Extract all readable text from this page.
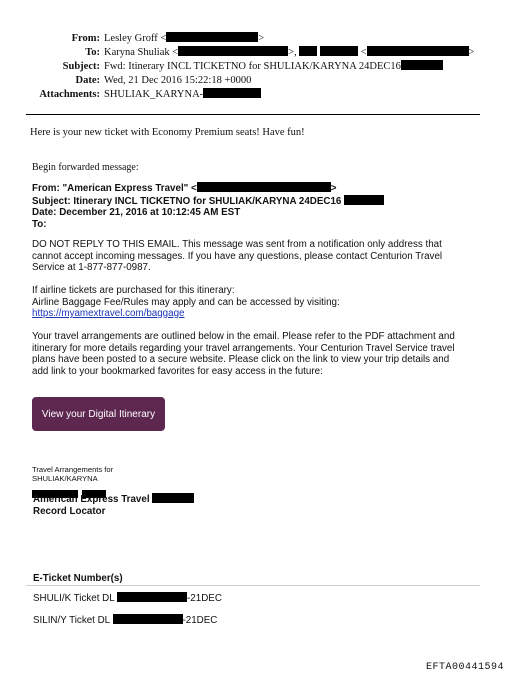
From: Lesley Groff <	>
To: Karyna Shuliak <	>,	<	>
Subject: Fwd: Itinerary INCL TICKETNO for SHULIAK/KARYNA 24DEC16
Date: Wed, 21 Dec 2016 15:22:18 +0000
Attachments: SHULIAK_KARYNA-
Here is your new ticket with Economy Premium seats! Have fun!
Begin forwarded message:
From: "American Express Travel" <	>
Subject: Itinerary INCL TICKETNO for SHULIAK/KARYNA 24DEC16
Date: December 21, 2016 at 10:12:45 AM EST
To:
DO NOT REPLY TO THIS EMAIL. This message was sent from a notification only address that
cannot accept incoming messages. If you have any questions, please contact Centurion Travel
Service at 1-877-877-0987.
If airline tickets are purchased for this itinerary:
Airline Baggage Fee/Rules may apply and can be accessed by visiting:
https://myamextravel.com/baggage
Your travel arrangements are outlined below in the email. Please refer to the PDF attachment and
itinerary for more details regarding your travel arrangements. Your Centurion Travel Service travel
plans have been posted to a secure website. Please click on the link to view your trip details and
add link to your bookmarked favorites for easy access in the future:
View your Digital Itinerary
Travel Arrangements for
SHULIAK/KARYNA

American Express Travel
Record Locator
E-Ticket Number(s)
SHULI/K Ticket DL	-21DEC
SILIN/Y Ticket DL	-21DEC
EFTA00441594
